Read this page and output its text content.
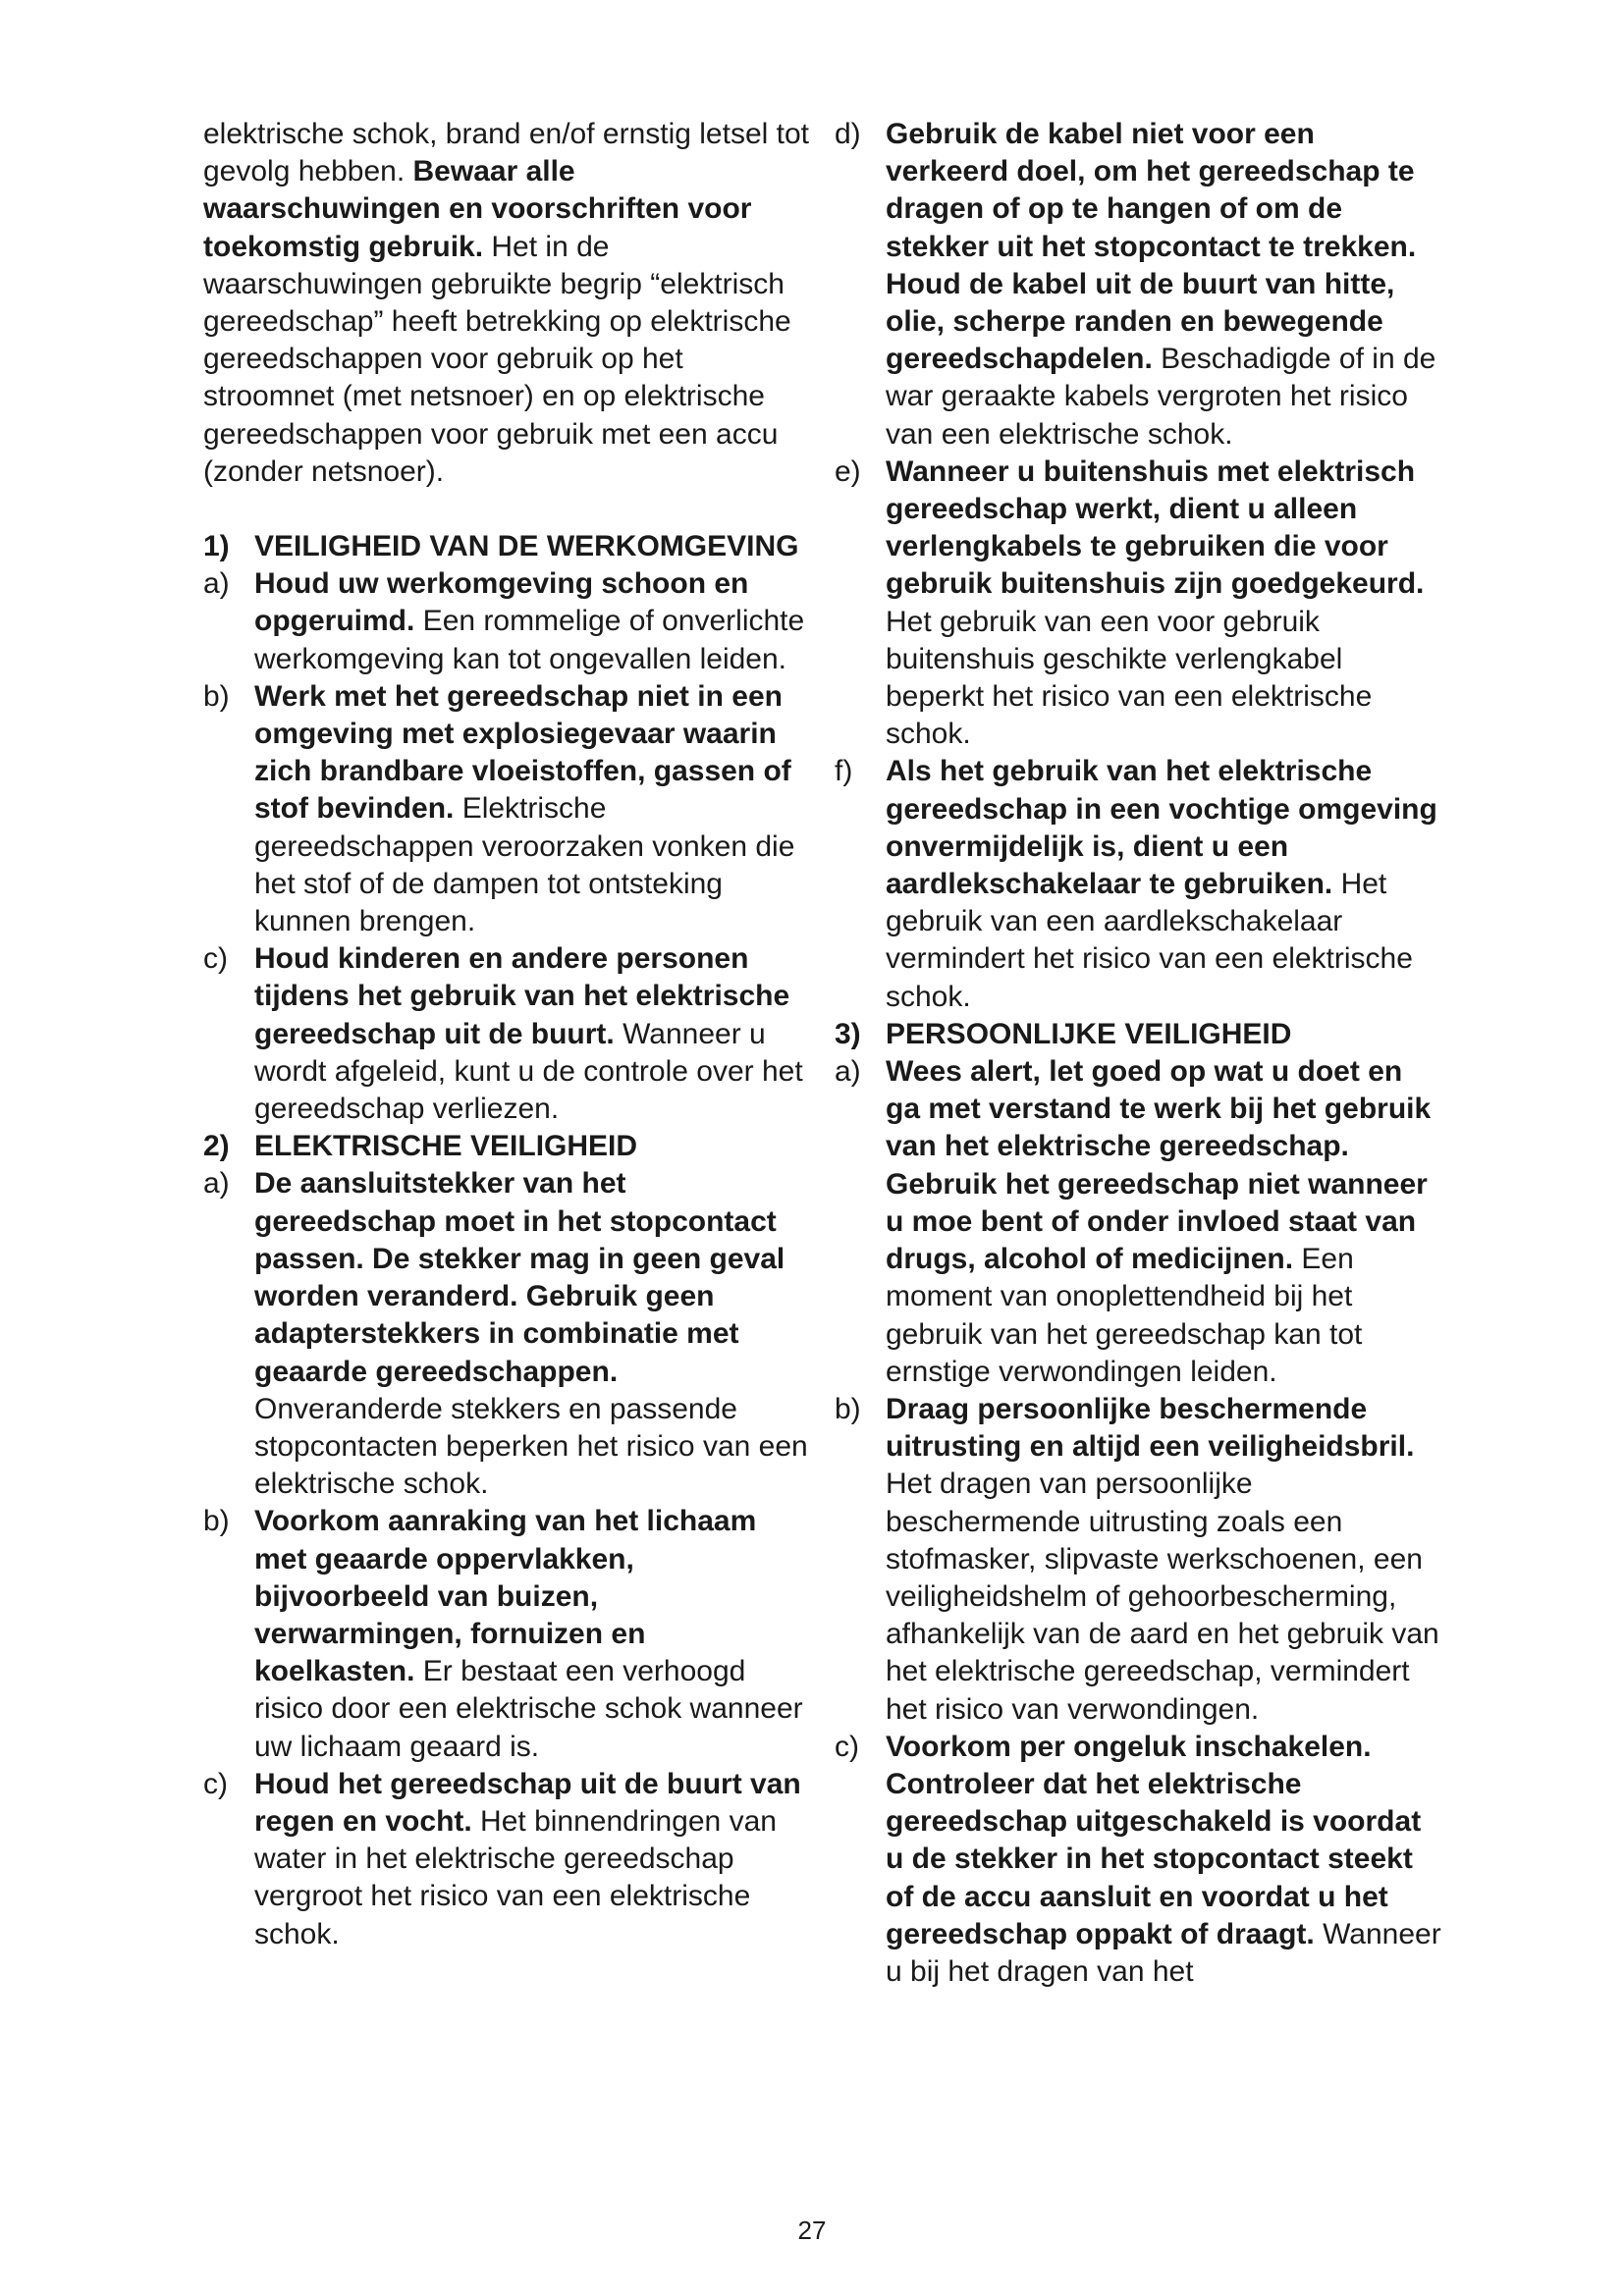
elektrische schok, brand en/of ernstig letsel tot gevolg hebben. Bewaar alle waarschuwingen en voorschriften voor toekomstig gebruik. Het in de waarschuwingen gebruikte begrip “elektrisch gereedschap” heeft betrekking op elektrische gereedschappen voor gebruik op het stroomnet (met netsnoer) en op elektrische gereedschappen voor gebruik met een accu (zonder netsnoer).

1) VEILIGHEID VAN DE WERKOMGEVING
a) Houd uw werkomgeving schoon en opgeruimd. Een rommelige of onverlichte werkomgeving kan tot ongevallen leiden.
b) Werk met het gereedschap niet in een omgeving met explosiegevaar waarin zich brandbare vloeistoffen, gassen of stof bevinden. Elektrische gereedschappen veroorzaken vonken die het stof of de dampen tot ontsteking kunnen brengen.
c) Houd kinderen en andere personen tijdens het gebruik van het elektrische gereedschap uit de buurt. Wanneer u wordt afgeleid, kunt u de controle over het gereedschap verliezen.
2) ELEKTRISCHE VEILIGHEID
a) De aansluitstekker van het gereedschap moet in het stopcontact passen. De stekker mag in geen geval worden veranderd. Gebruik geen adapterstekkers in combinatie met geaarde gereedschappen. Onveranderde stekkers en passende stopcontacten beperken het risico van een elektrische schok.
b) Voorkom aanraking van het lichaam met geaarde oppervlakken, bijvoorbeeld van buizen, verwarmingen, fornuizen en koelkasten. Er bestaat een verhoogd risico door een elektrische schok wanneer uw lichaam geaard is.
c) Houd het gereedschap uit de buurt van regen en vocht. Het binnendringen van water in het elektrische gereedschap vergroot het risico van een elektrische schok.
d) Gebruik de kabel niet voor een verkeerd doel, om het gereedschap te dragen of op te hangen of om de stekker uit het stopcontact te trekken. Houd de kabel uit de buurt van hitte, olie, scherpe randen en bewegende gereedschapdelen. Beschadigde of in de war geraakte kabels vergroten het risico van een elektrische schok.
e) Wanneer u buitenshuis met elektrisch gereedschap werkt, dient u alleen verlengkabels te gebruiken die voor gebruik buitenshuis zijn goedgekeurd. Het gebruik van een voor gebruik buitenshuis geschikte verlengkabel beperkt het risico van een elektrische schok.
f) Als het gebruik van het elektrische gereedschap in een vochtige omgeving onvermijdelijk is, dient u een aardlekschakelaar te gebruiken. Het gebruik van een aardlekschakelaar vermindert het risico van een elektrische schok.
3) PERSOONLIJKE VEILIGHEID
a) Wees alert, let goed op wat u doet en ga met verstand te werk bij het gebruik van het elektrische gereedschap. Gebruik het gereedschap niet wanneer u moe bent of onder invloed staat van drugs, alcohol of medicijnen. Een moment van onoplettendheid bij het gebruik van het gereedschap kan tot ernstige verwondingen leiden.
b) Draag persoonlijke beschermende uitrusting en altijd een veiligheidsbril. Het dragen van persoonlijke beschermende uitrusting zoals een stofmasker, slipvaste werkschoenen, een veiligheidshelm of gehoorbescherming, afhankelijk van de aard en het gebruik van het elektrische gereedschap, vermindert het risico van verwondingen.
c) Voorkom per ongeluk inschakelen. Controleer dat het elektrische gereedschap uitgeschakeld is voordat u de stekker in het stopcontact steekt of de accu aansluit en voordat u het gereedschap oppakt of draagt. Wanneer u bij het dragen van het
27
